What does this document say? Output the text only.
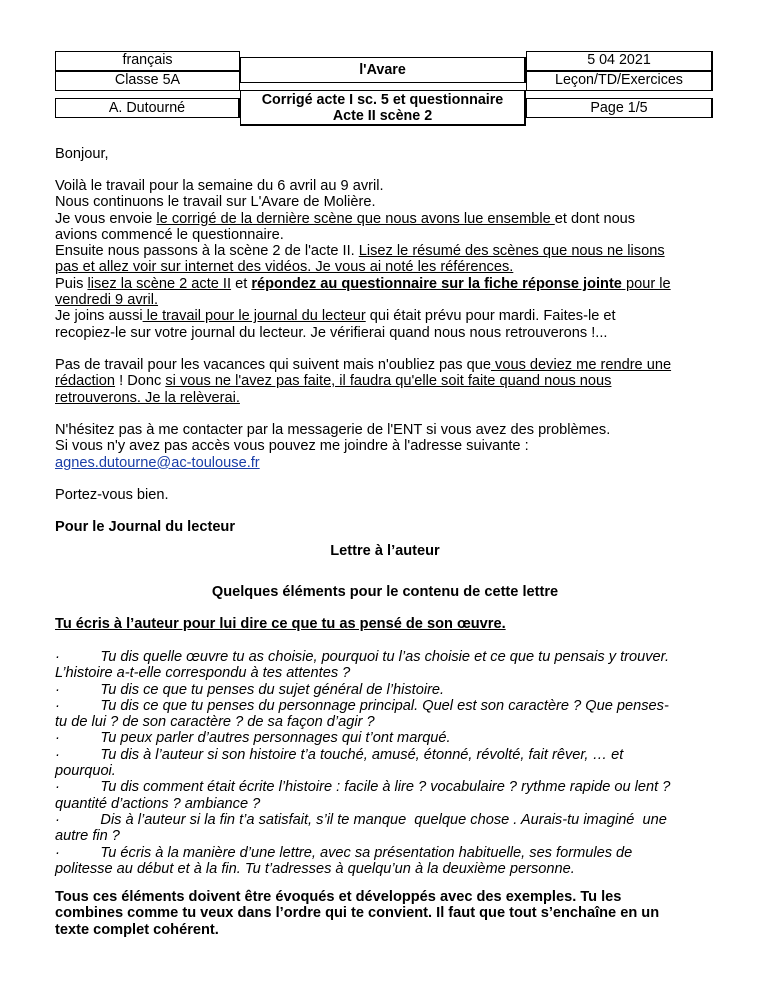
français
Classe 5A
A. Dutourné
l'Avare
Corrigé acte I sc. 5 et questionnaire
Acte II scène 2
5 04 2021
Leçon/TD/Exercices
Page 1/5
Bonjour,
Voilà le travail pour la semaine du 6 avril au 9 avril.
Nous continuons le travail sur L'Avare de Molière.
Je vous envoie le corrigé de la dernière scène que nous avons lue ensemble et dont nous
avions commencé le questionnaire.
Ensuite nous passons à la scène 2 de l'acte II. Lisez le résumé des scènes que nous ne lisons
pas et allez voir sur internet des vidéos. Je vous ai noté les références.
Puis lisez la scène 2 acte II et répondez au questionnaire sur la fiche réponse jointe pour le
vendredi 9 avril.
Je joins aussi le travail pour le journal du lecteur qui était prévu pour mardi. Faites-le et
recopiez-le sur votre journal du lecteur. Je vérifierai quand nous nous retrouverons !...
Pas de travail pour les vacances qui suivent mais n'oubliez pas que vous deviez me rendre une
rédaction ! Donc si vous ne l'avez pas faite, il faudra qu'elle soit faite quand nous nous
retrouverons. Je la relèverai.
N'hésitez pas à me contacter par la messagerie de l'ENT si vous avez des problèmes.
Si vous n'y avez pas accès vous pouvez me joindre à l'adresse suivante :
agnes.dutourne@ac-toulouse.fr
Portez-vous bien.
Pour le Journal du lecteur
Lettre à l’auteur
Quelques éléments pour le contenu de cette lettre
Tu écris à l’auteur pour lui dire ce que tu as pensé de son œuvre.
·          Tu dis quelle œuvre tu as choisie, pourquoi tu l’as choisie et ce que tu pensais y trouver.
L’histoire a-t-elle correspondu à tes attentes ?
·          Tu dis ce que tu penses du sujet général de l’histoire.
·          Tu dis ce que tu penses du personnage principal. Quel est son caractère ? Que penses-
tu de lui ? de son caractère ? de sa façon d’agir ?
·          Tu peux parler d’autres personnages qui t’ont marqué.
·          Tu dis à l’auteur si son histoire t’a touché, amusé, étonné, révolté, fait rêver, … et
pourquoi.
·          Tu dis comment était écrite l’histoire : facile à lire ? vocabulaire ? rythme rapide ou lent ?
quantité d’actions ? ambiance ?
·          Dis à l’auteur si la fin t’a satisfait, s’il te manque  quelque chose . Aurais-tu imaginé  une
autre fin ?
·          Tu écris à la manière d’une lettre, avec sa présentation habituelle, ses formules de
politesse au début et à la fin. Tu t’adresses à quelqu’un à la deuxième personne.
Tous ces éléments doivent être évoqués et développés avec des exemples. Tu les
combines comme tu veux dans l’ordre qui te convient. Il faut que tout s’enchaîne en un
texte complet cohérent.
